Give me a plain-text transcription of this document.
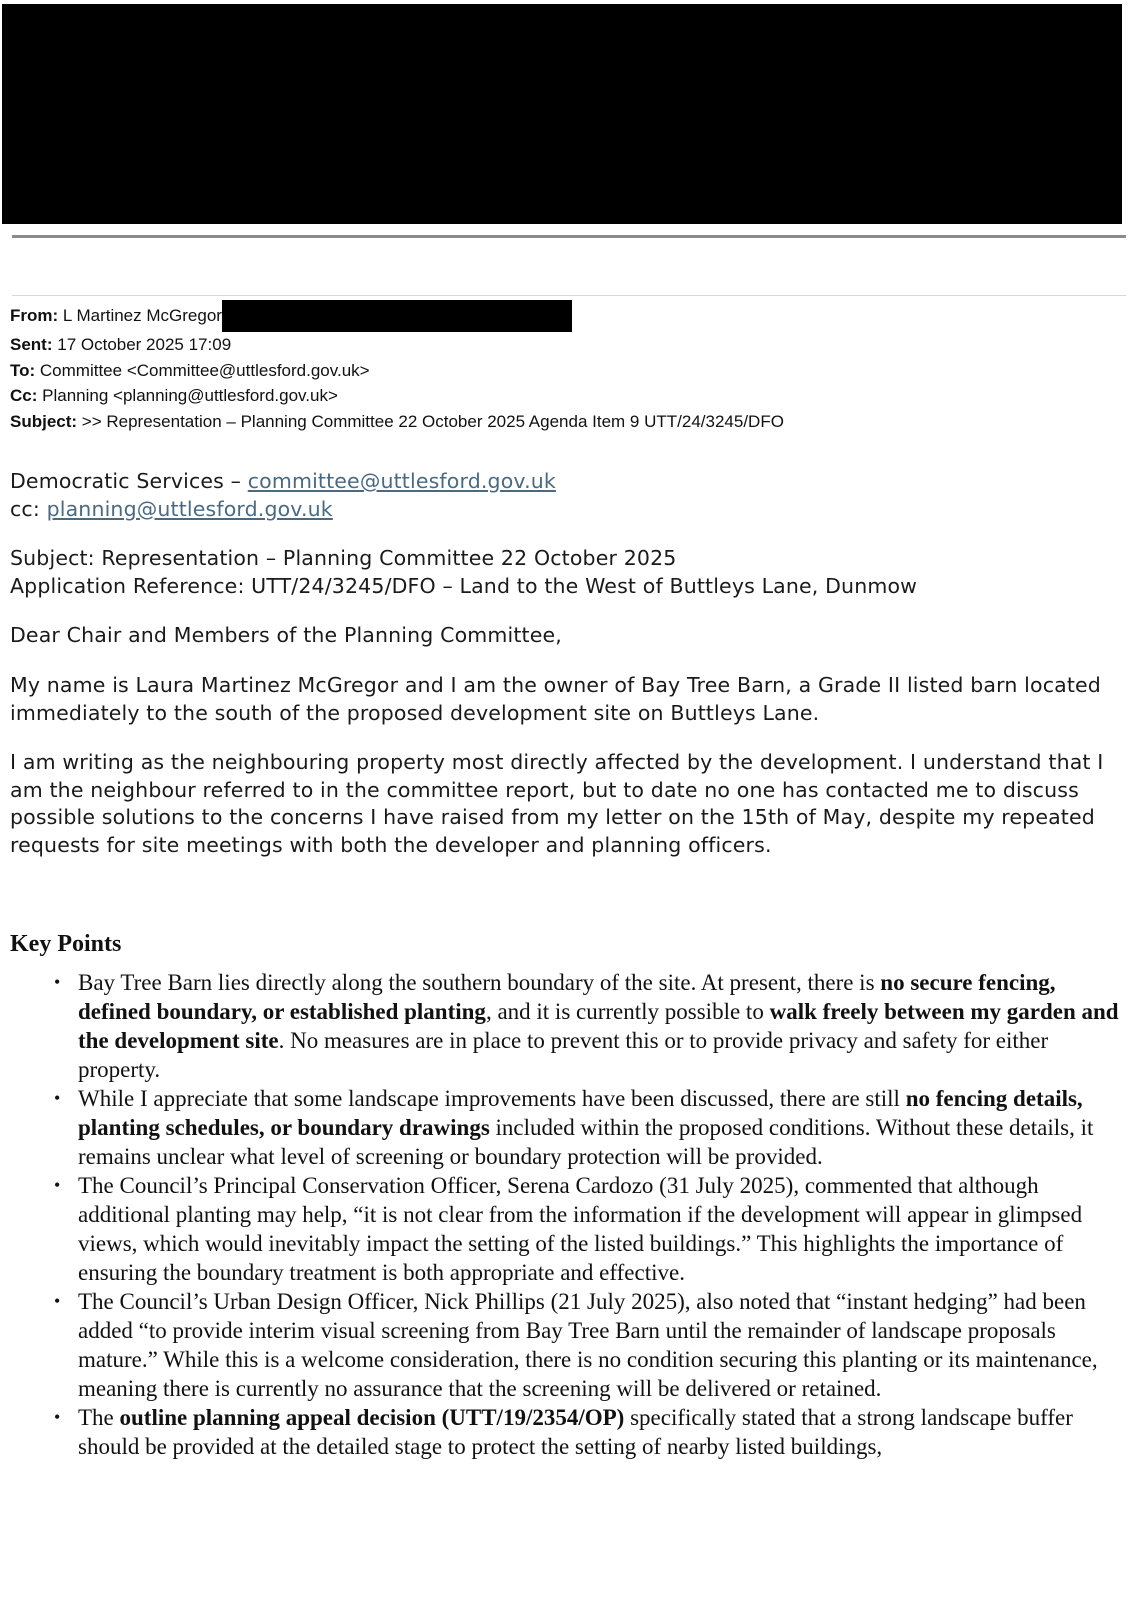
From: L Martinez McGregor
Sent: 17 October 2025 17:09
To: Committee <Committee@uttlesford.gov.uk>
Cc: Planning <planning@uttlesford.gov.uk>
Subject: >> Representation – Planning Committee 22 October 2025 Agenda Item 9 UTT/24/3245/DFO

Democratic Services – committee@uttlesford.gov.uk

cc: planning@uttlesford.gov.uk

Subject: Representation – Planning Committee 22 October 2025

Application Reference: UTT/24/3245/DFO – Land to the West of Buttleys Lane, Dunmow

Dear Chair and Members of the Planning Committee,
My name is Laura Martinez McGregor and I am the owner of Bay Tree Barn, a Grade II listed barn located immediately to the south of the proposed development site on Buttleys Lane.
I am writing as the neighbouring property most directly affected by the development. I understand that I am the neighbour referred to in the committee report, but to date no one has contacted me to discuss possible solutions to the concerns I have raised from my letter on the 15th of May, despite my repeated requests for site meetings with both the developer and planning officers.
Key Points
• Bay Tree Barn lies directly along the southern boundary of the site. At present, there is no secure fencing, defined boundary, or established planting, and it is currently possible to walk freely between my garden and the development site. No measures are in place to prevent this or to provide privacy and safety for either property.
• While I appreciate that some landscape improvements have been discussed, there are still no fencing details, planting schedules, or boundary drawings included within the proposed conditions. Without these details, it remains unclear what level of screening or boundary protection will be provided.
• The Council’s Principal Conservation Officer, Serena Cardozo (31 July 2025), commented that although additional planting may help, “it is not clear from the information if the development will appear in glimpsed views, which would inevitably impact the setting of the listed buildings.” This highlights the importance of ensuring the boundary treatment is both appropriate and effective.
• The Council’s Urban Design Officer, Nick Phillips (21 July 2025), also noted that “instant hedging” had been added “to provide interim visual screening from Bay Tree Barn until the remainder of landscape proposals mature.” While this is a welcome consideration, there is no condition securing this planting or its maintenance, meaning there is currently no assurance that the screening will be delivered or retained.
• The outline planning appeal decision (UTT/19/2354/OP) specifically stated that a strong landscape buffer should be provided at the detailed stage to protect the setting of nearby listed buildings,
